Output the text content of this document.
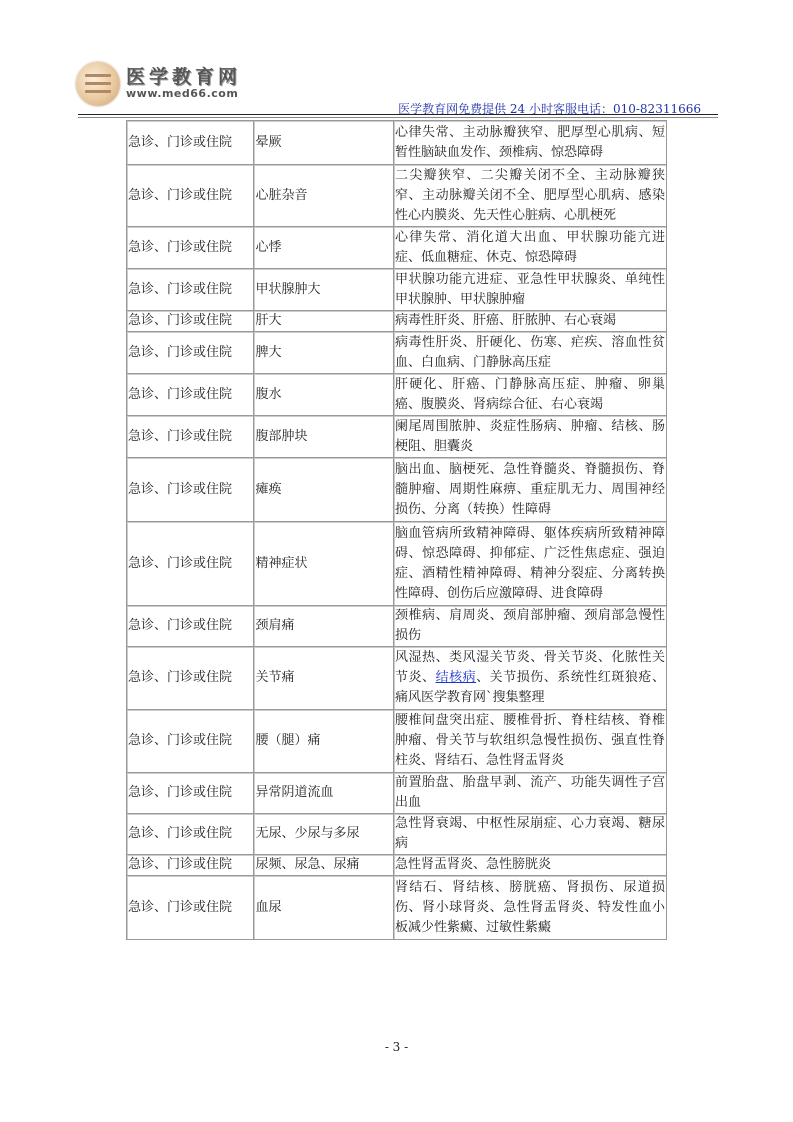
医学教育网
www.med66.com
医学教育网免费提供 24 小时客服电话：010-82311666
急诊、门诊或住院	晕厥	心律失常、主动脉瓣狭窄、肥厚型心肌病、短暂性脑缺血发作、颈椎病、惊恐障碍
急诊、门诊或住院	心脏杂音	二尖瓣狭窄、二尖瓣关闭不全、主动脉瓣狭窄、主动脉瓣关闭不全、肥厚型心肌病、感染性心内膜炎、先天性心脏病、心肌梗死
急诊、门诊或住院	心悸	心律失常、消化道大出血、甲状腺功能亢进症、低血糖症、休克、惊恐障碍
急诊、门诊或住院	甲状腺肿大	甲状腺功能亢进症、亚急性甲状腺炎、单纯性甲状腺肿、甲状腺肿瘤
急诊、门诊或住院	肝大	病毒性肝炎、肝癌、肝脓肿、右心衰竭
急诊、门诊或住院	脾大	病毒性肝炎、肝硬化、伤寒、疟疾、溶血性贫血、白血病、门静脉高压症
急诊、门诊或住院	腹水	肝硬化、肝癌、门静脉高压症、肿瘤、卵巢癌、腹膜炎、肾病综合征、右心衰竭
急诊、门诊或住院	腹部肿块	阑尾周围脓肿、炎症性肠病、肿瘤、结核、肠梗阻、胆囊炎
急诊、门诊或住院	瘫痪	脑出血、脑梗死、急性脊髓炎、脊髓损伤、脊髓肿瘤、周期性麻痹、重症肌无力、周围神经损伤、分离（转换）性障碍
急诊、门诊或住院	精神症状	脑血管病所致精神障碍、躯体疾病所致精神障碍、惊恐障碍、抑郁症、广泛性焦虑症、强迫症、酒精性精神障碍、精神分裂症、分离转换性障碍、创伤后应激障碍、进食障碍
急诊、门诊或住院	颈肩痛	颈椎病、肩周炎、颈肩部肿瘤、颈肩部急慢性损伤
急诊、门诊或住院	关节痛	风湿热、类风湿关节炎、骨关节炎、化脓性关节炎、结核病、关节损伤、系统性红斑狼疮、痛风医学教育网`搜集整理
急诊、门诊或住院	腰（腿）痛	腰椎间盘突出症、腰椎骨折、脊柱结核、脊椎肿瘤、骨关节与软组织急慢性损伤、强直性脊柱炎、肾结石、急性肾盂肾炎
急诊、门诊或住院	异常阴道流血	前置胎盘、胎盘早剥、流产、功能失调性子宫出血
急诊、门诊或住院	无尿、少尿与多尿	急性肾衰竭、中枢性尿崩症、心力衰竭、糖尿病
急诊、门诊或住院	尿频、尿急、尿痛	急性肾盂肾炎、急性膀胱炎
急诊、门诊或住院	血尿	肾结石、肾结核、膀胱癌、肾损伤、尿道损伤、肾小球肾炎、急性肾盂肾炎、特发性血小板减少性紫癜、过敏性紫癜
- 3 -
